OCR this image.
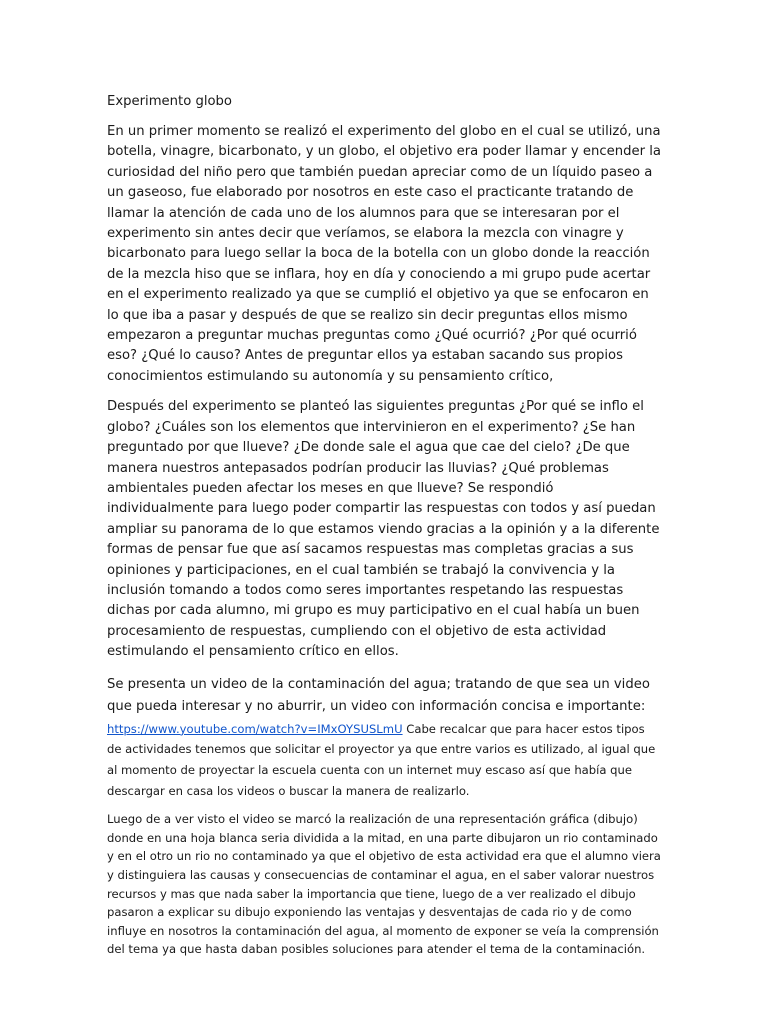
Experimento globo

En un primer momento se realizó el experimento del globo en el cual se utilizó, una botella, vinagre, bicarbonato, y un globo, el objetivo era poder llamar y encender la curiosidad del niño pero que también puedan apreciar como de un líquido paseo a un gaseoso, fue elaborado por nosotros en este caso el practicante tratando de llamar la atención de cada uno de los alumnos para que se interesaran por el experimento sin antes decir que veríamos, se elabora la mezcla con vinagre y bicarbonato para luego sellar la boca de la botella con un globo donde la reacción de la mezcla hiso que se inflara, hoy en día y conociendo a mi grupo pude acertar en el experimento realizado ya que se cumplió el objetivo ya que se enfocaron en lo que iba a pasar y después de que se realizo sin decir preguntas ellos mismo empezaron a preguntar muchas preguntas como ¿Qué ocurrió? ¿Por qué ocurrió eso? ¿Qué lo causo? Antes de preguntar ellos ya estaban sacando sus propios conocimientos estimulando su autonomía y su pensamiento crítico,

Después del experimento se planteó las siguientes preguntas ¿Por qué se inflo el globo? ¿Cuáles son los elementos que intervinieron en el experimento? ¿Se han preguntado por que llueve? ¿De donde sale el agua que cae del cielo? ¿De que manera nuestros antepasados podrían producir las lluvias? ¿Qué problemas ambientales pueden afectar los meses en que llueve? Se respondió individualmente para luego poder compartir las respuestas con todos y así puedan ampliar su panorama de lo que estamos viendo gracias a la opinión y a la diferente formas de pensar fue que así sacamos respuestas mas completas gracias a sus opiniones y participaciones, en el cual también se trabajó la convivencia y la inclusión tomando a todos como seres importantes respetando las respuestas dichas por cada alumno, mi grupo es muy participativo en el cual había un buen procesamiento de respuestas, cumpliendo con el objetivo de esta actividad estimulando el pensamiento crítico en ellos.

Se presenta un video de la contaminación del agua; tratando de que sea un video que pueda interesar y no aburrir, un video con información concisa e importante:
https://www.youtube.com/watch?v=IMxOYSUSLmU Cabe recalcar que para hacer estos tipos de actividades tenemos que solicitar el proyector ya que entre varios es utilizado, al igual que al momento de proyectar la escuela cuenta con un internet muy escaso así que había que descargar en casa los videos o buscar la manera de realizarlo.

Luego de a ver visto el video se marcó la realización de una representación gráfica (dibujo) donde en una hoja blanca seria dividida a la mitad, en una parte dibujaron un rio contaminado y en el otro un rio no contaminado ya que el objetivo de esta actividad era que el alumno viera y distinguiera las causas y consecuencias de contaminar el agua, en el saber valorar nuestros recursos y mas que nada saber la importancia que tiene, luego de a ver realizado el dibujo pasaron a explicar su dibujo exponiendo las ventajas y desventajas de cada rio y de como influye en nosotros la contaminación del agua, al momento de exponer se veía la comprensión del tema ya que hasta daban posibles soluciones para atender el tema de la contaminación.
